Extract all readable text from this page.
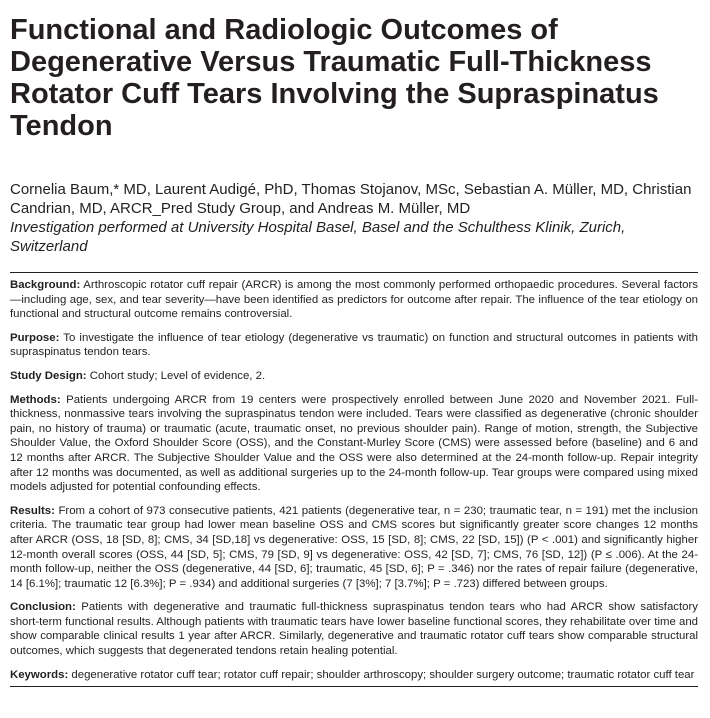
Functional and Radiologic Outcomes of Degenerative Versus Traumatic Full-Thickness Rotator Cuff Tears Involving the Supraspinatus Tendon
Cornelia Baum,* MD, Laurent Audigé, PhD, Thomas Stojanov, MSc, Sebastian A. Müller, MD, Christian Candrian, MD, ARCR_Pred Study Group, and Andreas M. Müller, MD
Investigation performed at University Hospital Basel, Basel and the Schulthess Klinik, Zurich, Switzerland

Background: Arthroscopic rotator cuff repair (ARCR) is among the most commonly performed orthopaedic procedures. Several factors—including age, sex, and tear severity—have been identified as predictors for outcome after repair. The influence of the tear etiology on functional and structural outcome remains controversial.

Purpose: To investigate the influence of tear etiology (degenerative vs traumatic) on function and structural outcomes in patients with supraspinatus tendon tears.

Study Design: Cohort study; Level of evidence, 2.

Methods: Patients undergoing ARCR from 19 centers were prospectively enrolled between June 2020 and November 2021. Full-thickness, nonmassive tears involving the supraspinatus tendon were included. Tears were classified as degenerative (chronic shoulder pain, no history of trauma) or traumatic (acute, traumatic onset, no previous shoulder pain). Range of motion, strength, the Subjective Shoulder Value, the Oxford Shoulder Score (OSS), and the Constant-Murley Score (CMS) were assessed before (baseline) and 6 and 12 months after ARCR. The Subjective Shoulder Value and the OSS were also determined at the 24-month follow-up. Repair integrity after 12 months was documented, as well as additional surgeries up to the 24-month follow-up. Tear groups were compared using mixed models adjusted for potential confounding effects.

Results: From a cohort of 973 consecutive patients, 421 patients (degenerative tear, n = 230; traumatic tear, n = 191) met the inclusion criteria. The traumatic tear group had lower mean baseline OSS and CMS scores but significantly greater score changes 12 months after ARCR (OSS, 18 [SD, 8]; CMS, 34 [SD,18] vs degenerative: OSS, 15 [SD, 8]; CMS, 22 [SD, 15]) (P < .001) and significantly higher 12-month overall scores (OSS, 44 [SD, 5]; CMS, 79 [SD, 9] vs degenerative: OSS, 42 [SD, 7]; CMS, 76 [SD, 12]) (P ≤ .006). At the 24-month follow-up, neither the OSS (degenerative, 44 [SD, 6]; traumatic, 45 [SD, 6]; P = .346) nor the rates of repair failure (degenerative, 14 [6.1%]; traumatic 12 [6.3%]; P = .934) and additional surgeries (7 [3%]; 7 [3.7%]; P = .723) differed between groups.

Conclusion: Patients with degenerative and traumatic full-thickness supraspinatus tendon tears who had ARCR show satisfactory short-term functional results. Although patients with traumatic tears have lower baseline functional scores, they rehabilitate over time and show comparable clinical results 1 year after ARCR. Similarly, degenerative and traumatic rotator cuff tears show comparable structural outcomes, which suggests that degenerated tendons retain healing potential.

Keywords: degenerative rotator cuff tear; rotator cuff repair; shoulder arthroscopy; shoulder surgery outcome; traumatic rotator cuff tear
